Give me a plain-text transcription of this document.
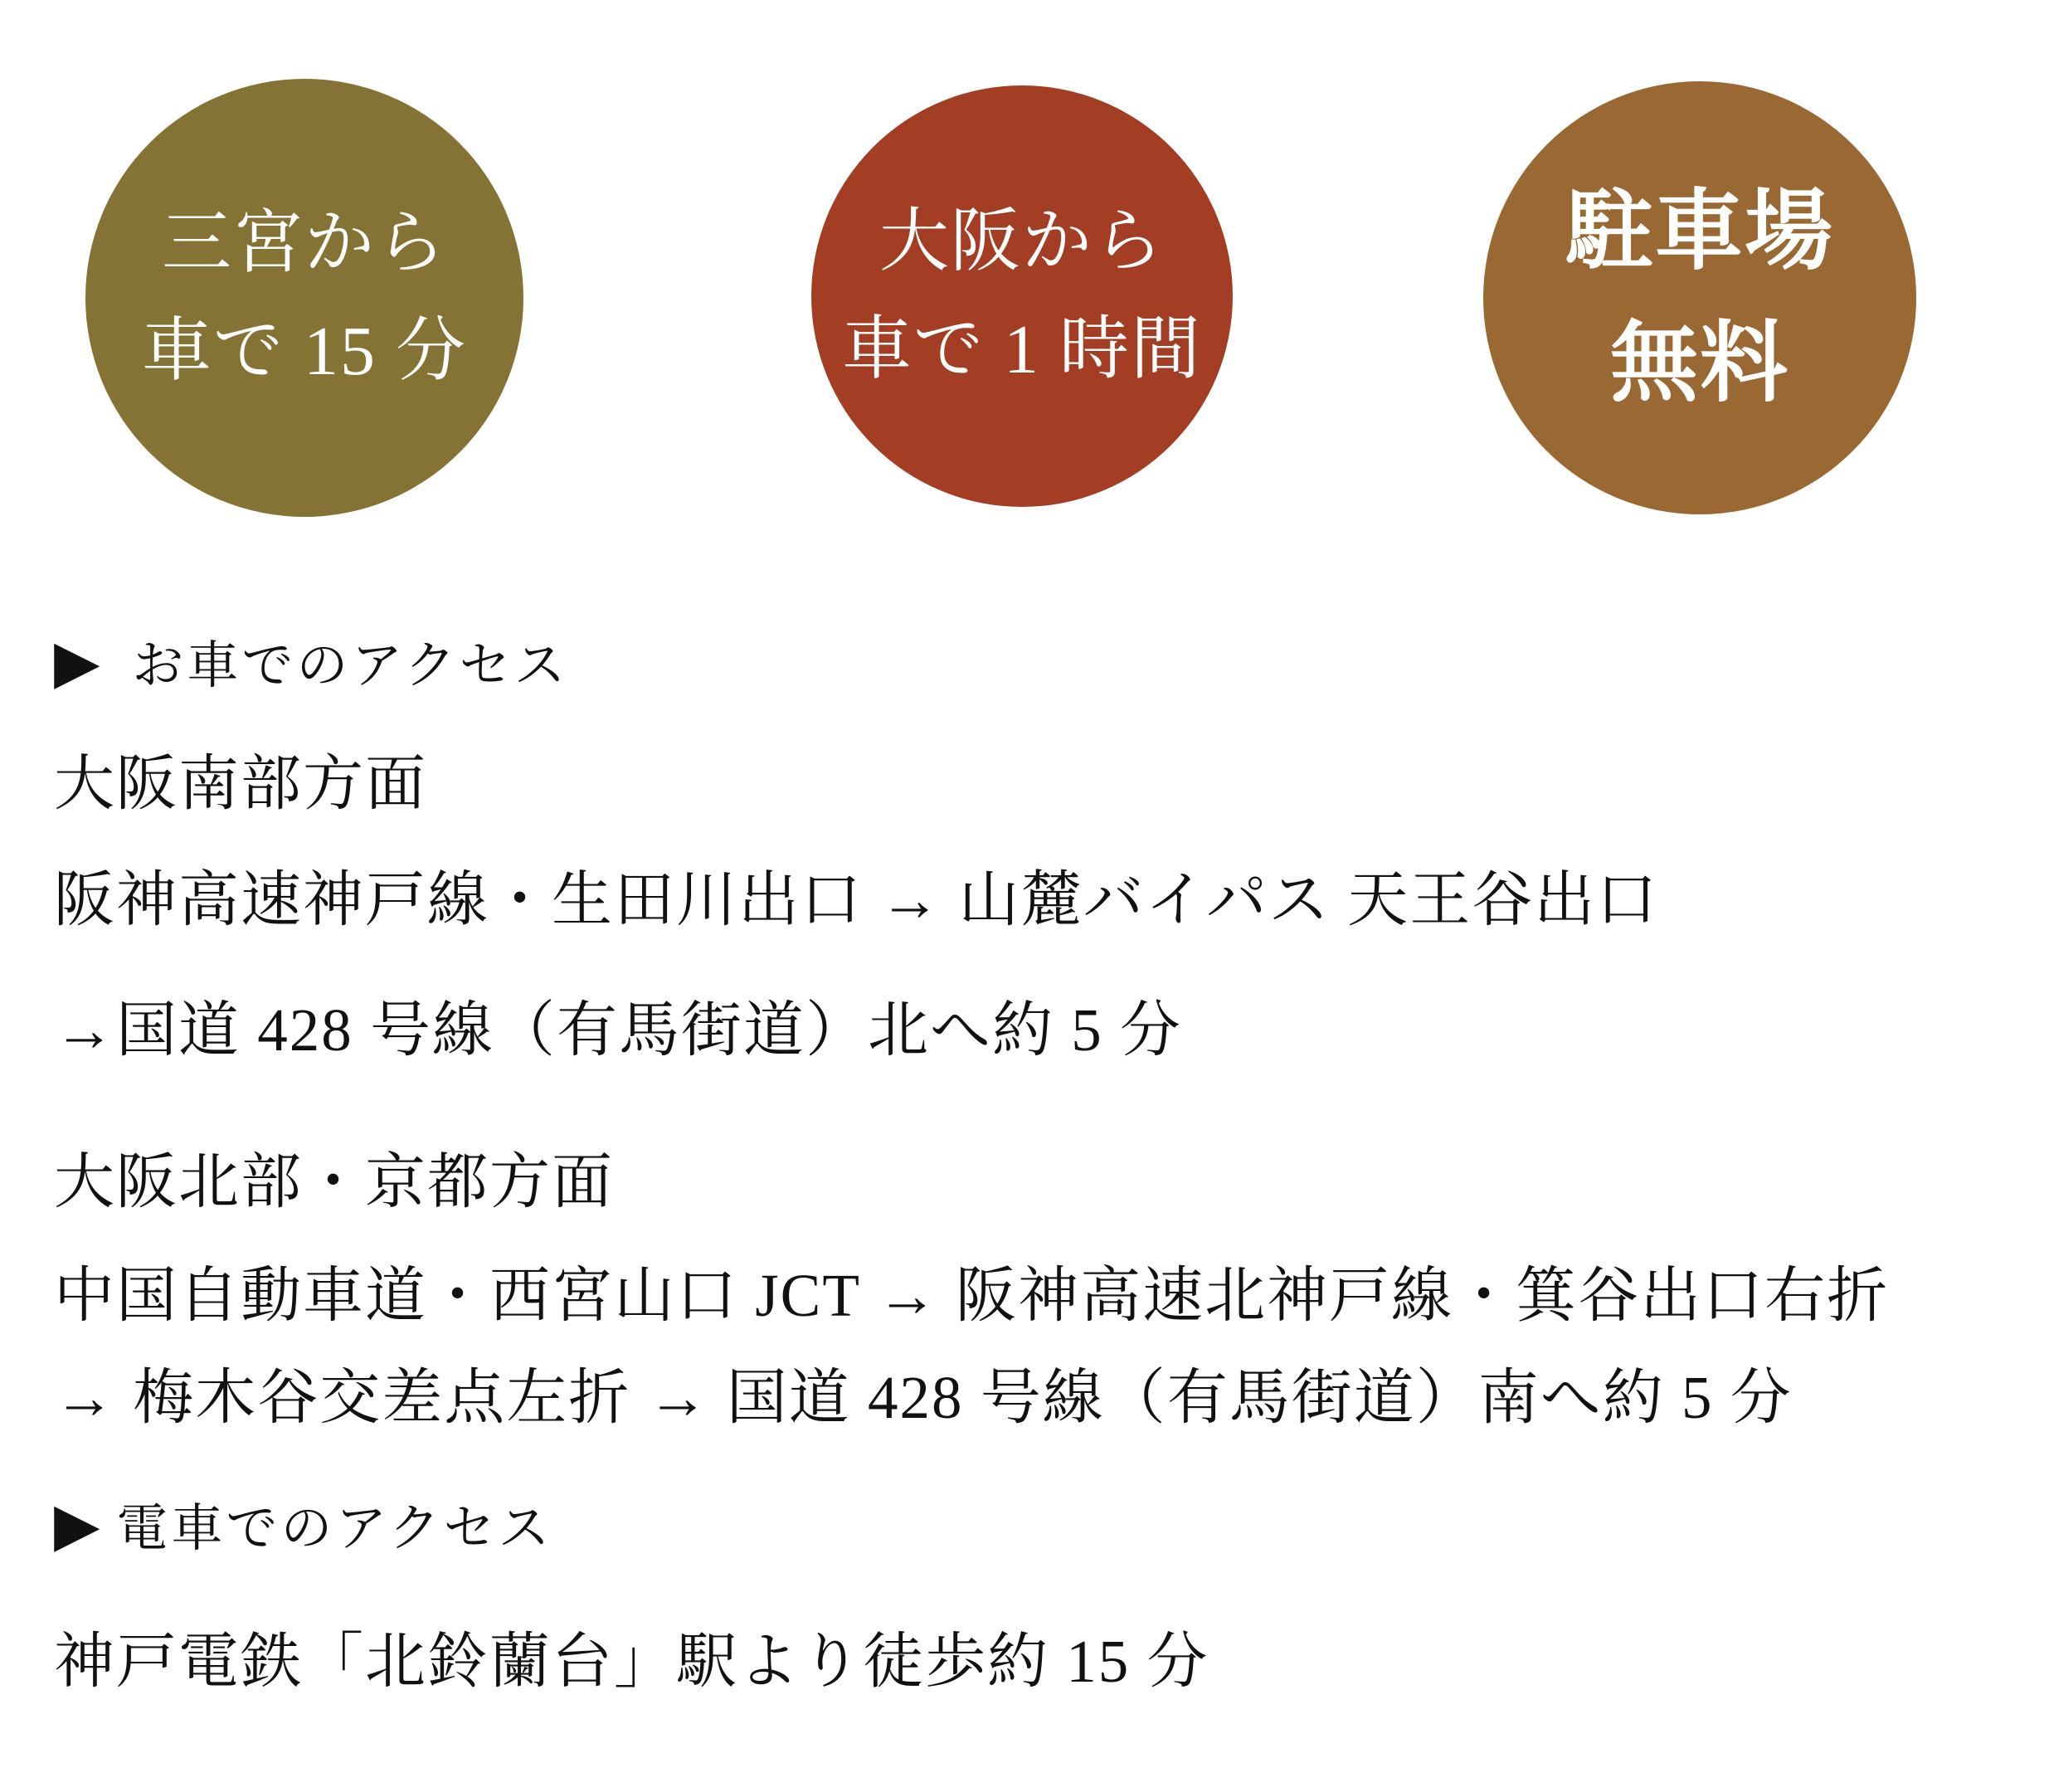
三宮から
車で 15 分
大阪から
車で 1 時間
駐車場
無料
▶ お車でのアクセス
大阪南部方面
阪神高速神戸線・生田川出口 → 山麓バイパス 天王谷出口
→国道 428 号線（有馬街道）北へ約 5 分
大阪北部・京都方面
中国自動車道・西宮山口 JCT → 阪神高速北神戸線・箕谷出口右折
→ 梅木谷交差点左折 → 国道 428 号線（有馬街道）南へ約 5 分
▶ 電車でのアクセス
神戸電鉄「北鈴蘭台」駅より徒歩約 15 分
